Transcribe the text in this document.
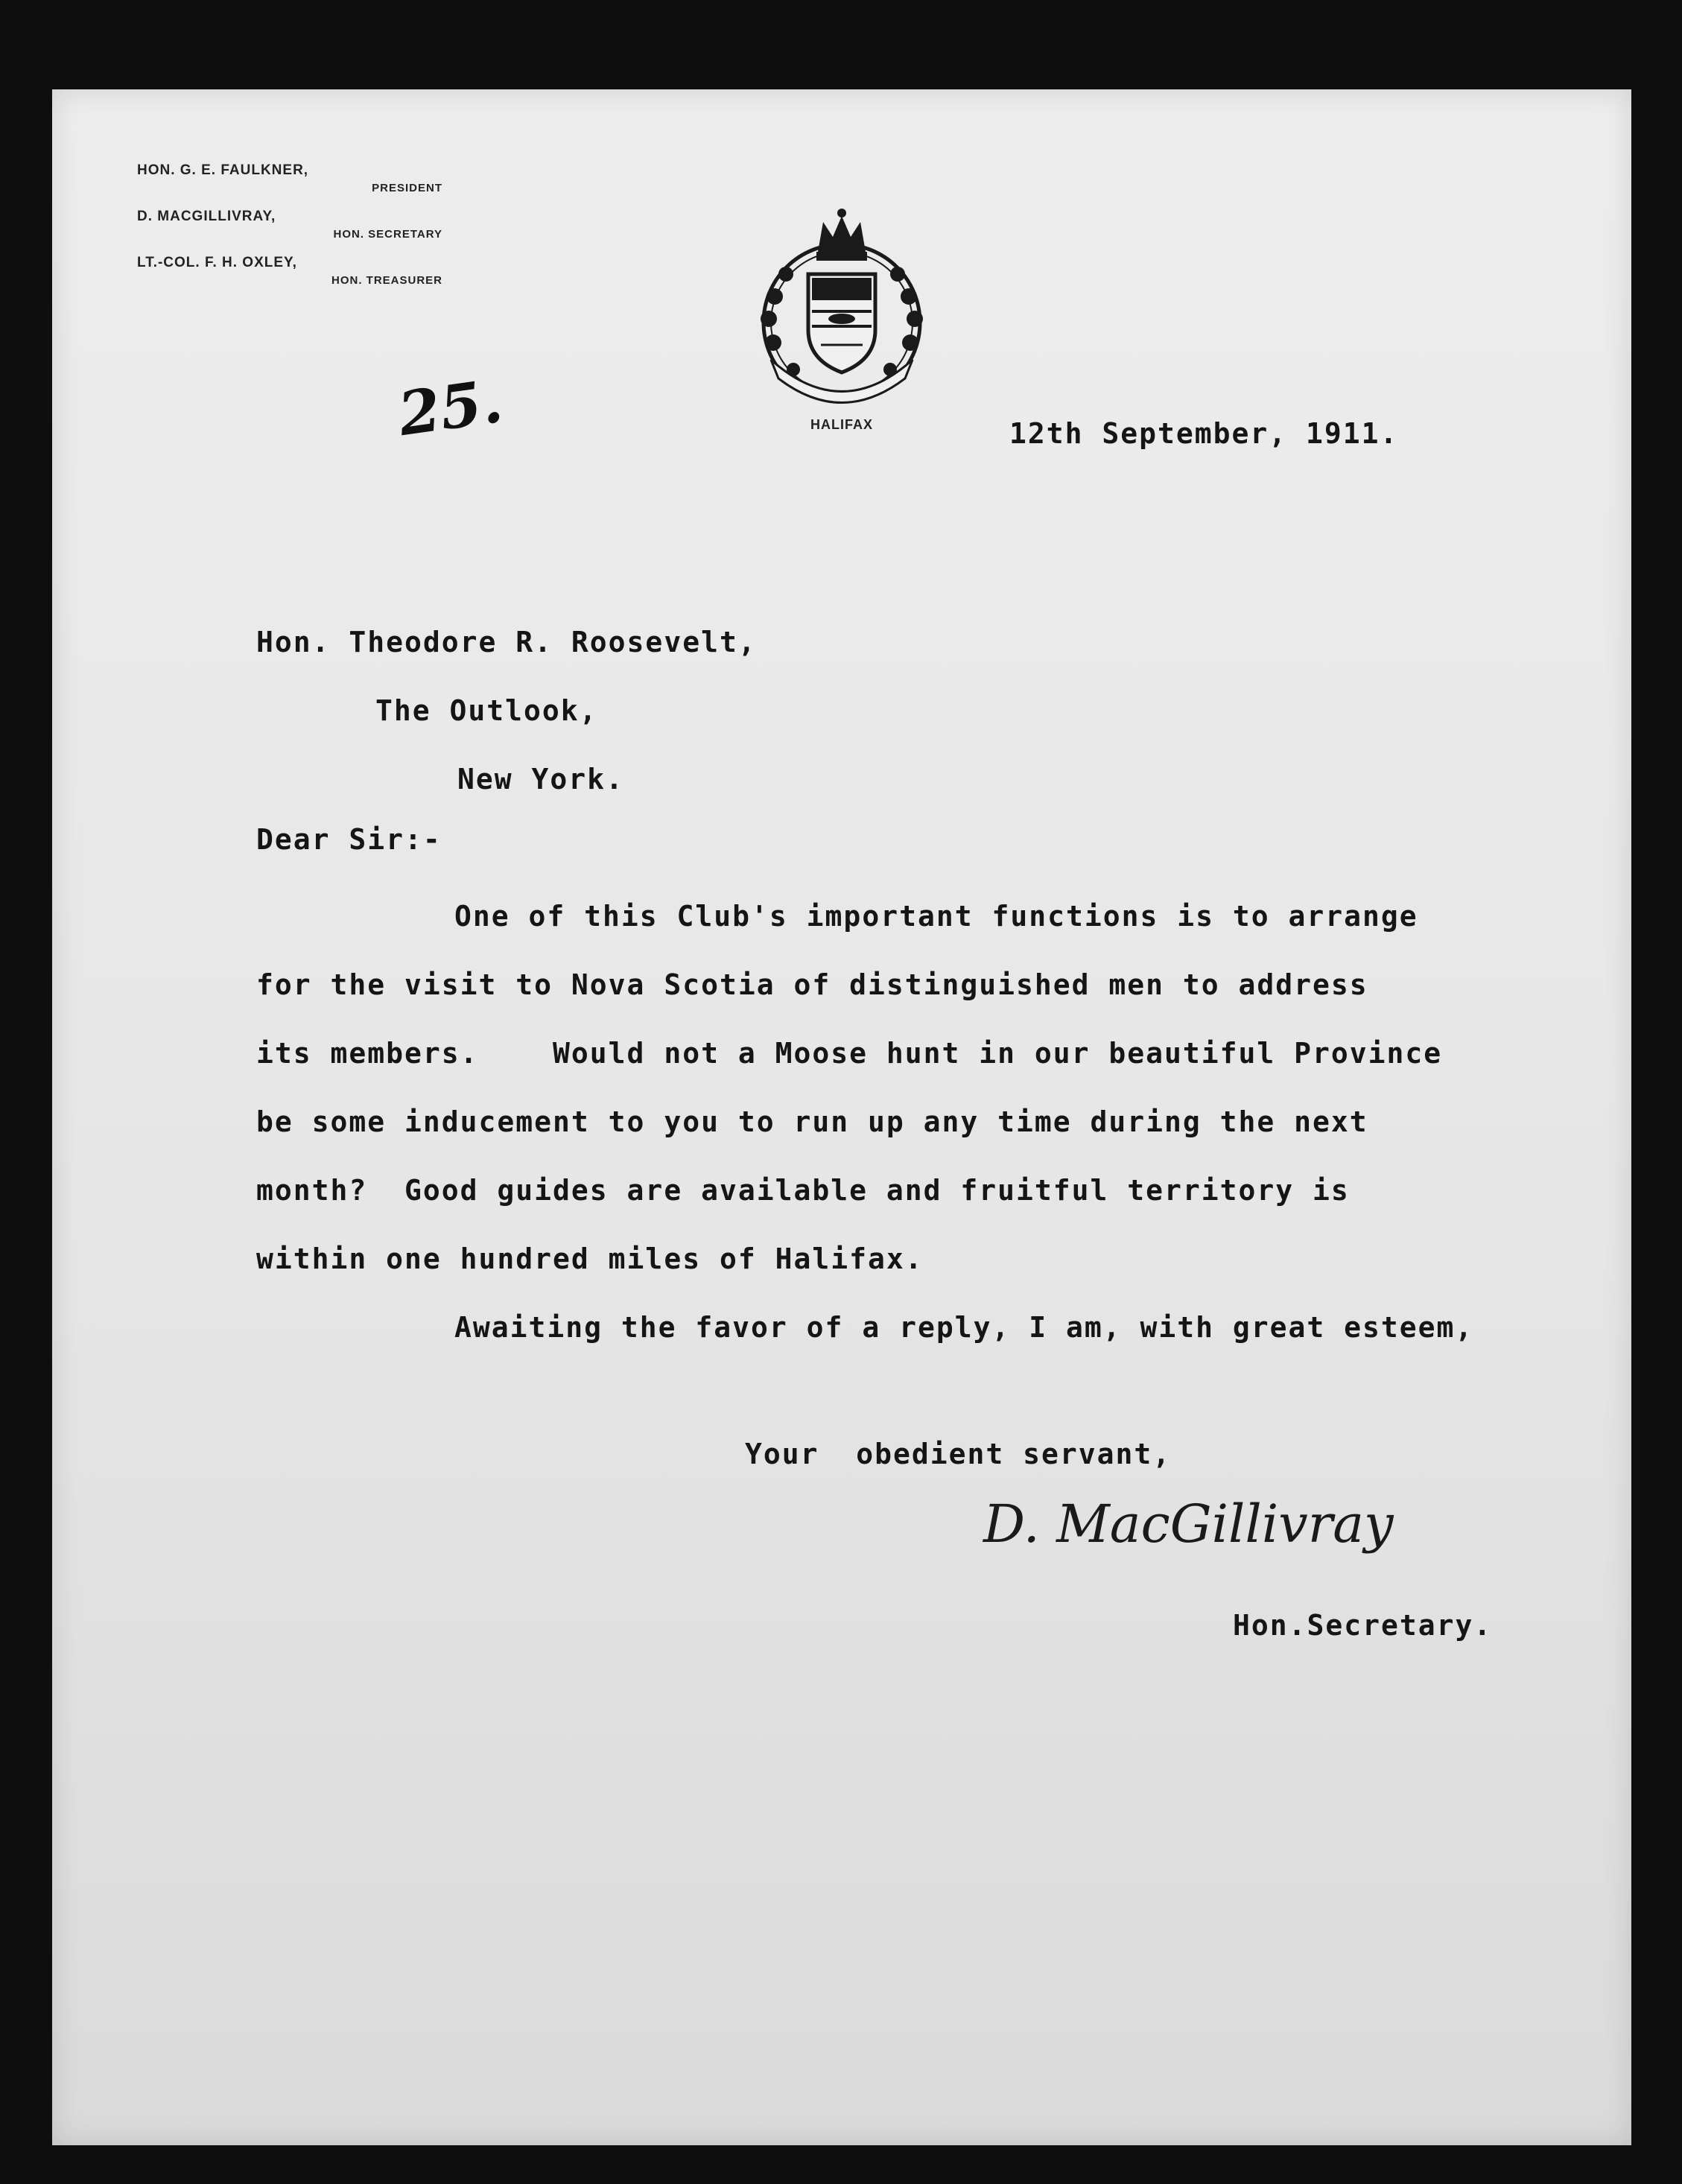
HON. G. E. FAULKNER,
PRESIDENT
D. MACGILLIVRAY,
HON. SECRETARY
LT.-COL. F. H. OXLEY,
HON. TREASURER
HALIFAX
25.	12th September, 1911.
Hon. Theodore R. Roosevelt,
The Outlook,
New York.
Dear Sir:-
One of this Club's important functions is to arrange
for the visit to Nova Scotia of distinguished men to address
its members.    Would not a Moose hunt in our beautiful Province
be some inducement to you to run up any time during the next
month?  Good guides are available and fruitful territory is
within one hundred miles of Halifax.
Awaiting the favor of a reply, I am, with great esteem,
Your  obedient servant,
D. MacGillivray
Hon.Secretary.
